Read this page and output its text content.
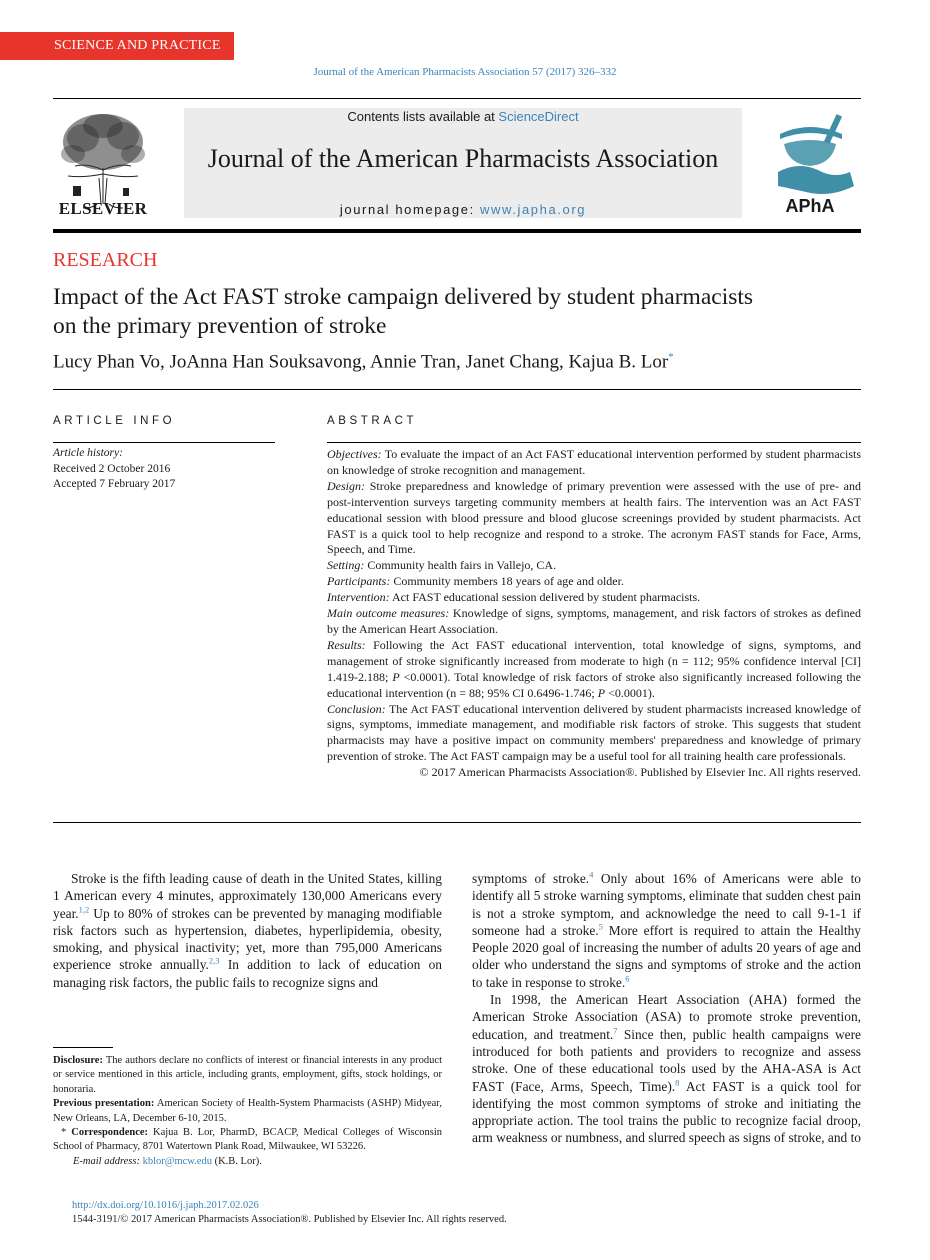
SCIENCE AND PRACTICE
Journal of the American Pharmacists Association 57 (2017) 326–332
ELSEVIER
Contents lists available at ScienceDirect
Journal of the American Pharmacists Association
journal homepage: www.japha.org	APhA
RESEARCH
Impact of the Act FAST stroke campaign delivered by student pharmacists on the primary prevention of stroke
Lucy Phan Vo, JoAnna Han Souksavong, Annie Tran, Janet Chang, Kajua B. Lor*
ARTICLE INFO
Article history:
Received 2 October 2016
Accepted 7 February 2017
ABSTRACT

Objectives: To evaluate the impact of an Act FAST educational intervention performed by student pharmacists on knowledge of stroke recognition and management.

Design: Stroke preparedness and knowledge of primary prevention were assessed with the use of pre- and post-intervention surveys targeting community members at health fairs. The intervention was an Act FAST educational session with blood pressure and blood glucose screenings provided by student pharmacists. Act FAST is a quick tool to help recognize and respond to a stroke. The acronym FAST stands for Face, Arms, Speech, and Time.

Setting: Community health fairs in Vallejo, CA.

Participants: Community members 18 years of age and older.

Intervention: Act FAST educational session delivered by student pharmacists.

Main outcome measures: Knowledge of signs, symptoms, management, and risk factors of strokes as defined by the American Heart Association.

Results: Following the Act FAST educational intervention, total knowledge of signs, symptoms, and management of stroke significantly increased from moderate to high (n = 112; 95% confidence interval [CI] 1.419-2.188; P <0.0001). Total knowledge of risk factors of stroke also significantly increased following the educational intervention (n = 88; 95% CI 0.6496-1.746; P <0.0001).

Conclusion: The Act FAST educational intervention delivered by student pharmacists increased knowledge of signs, symptoms, immediate management, and modifiable risk factors of stroke. This suggests that student pharmacists may have a positive impact on community members' preparedness and knowledge of primary prevention of stroke. The Act FAST campaign may be a useful tool for all training health care professionals.

© 2017 American Pharmacists Association®. Published by Elsevier Inc. All rights reserved.

Stroke is the fifth leading cause of death in the United States, killing 1 American every 4 minutes, approximately 130,000 Americans every year.$^{1,2}$ Up to 80% of strokes can be prevented by managing modifiable risk factors such as hypertension, diabetes, hyperlipidemia, obesity, smoking, and physical inactivity; yet, more than 795,000 Americans experience stroke annually.$^{2,3}$ In addition to lack of education on managing risk factors, the public fails to recognize signs and

symptoms of stroke.$^4$ Only about 16% of Americans were able to identify all 5 stroke warning symptoms, eliminate that sudden chest pain is not a stroke symptom, and acknowledge the need to call 9-1-1 if someone had a stroke.$^5$ More effort is required to attain the Healthy People 2020 goal of increasing the number of adults 20 years of age and older who understand the signs and symptoms of stroke and the action to take in response to stroke.$^6$

In 1998, the American Heart Association (AHA) formed the American Stroke Association (ASA) to promote stroke prevention, education, and treatment.$^7$ Since then, public health campaigns were introduced for both patients and providers to recognize and assess stroke. One of these educational tools used by the AHA-ASA is Act FAST (Face, Arms, Speech, Time).$^8$ Act FAST is a quick tool for identifying the most common symptoms of stroke and initiating the appropriate action. The tool trains the public to recognize facial droop, arm weakness or numbness, and slurred speech as signs of stroke, and to

Disclosure: The authors declare no conflicts of interest or financial interests in any product or service mentioned in this article, including grants, employment, gifts, stock holdings, or honoraria.

Previous presentation: American Society of Health-System Pharmacists (ASHP) Midyear, New Orleans, LA, December 6-10, 2015.

* Correspondence: Kajua B. Lor, PharmD, BCACP, Medical Colleges of Wisconsin School of Pharmacy, 8701 Watertown Plank Road, Milwaukee, WI 53226.

E-mail address: kblor@mcw.edu (K.B. Lor).

http://dx.doi.org/10.1016/j.japh.2017.02.026
1544-3191/© 2017 American Pharmacists Association®. Published by Elsevier Inc. All rights reserved.
